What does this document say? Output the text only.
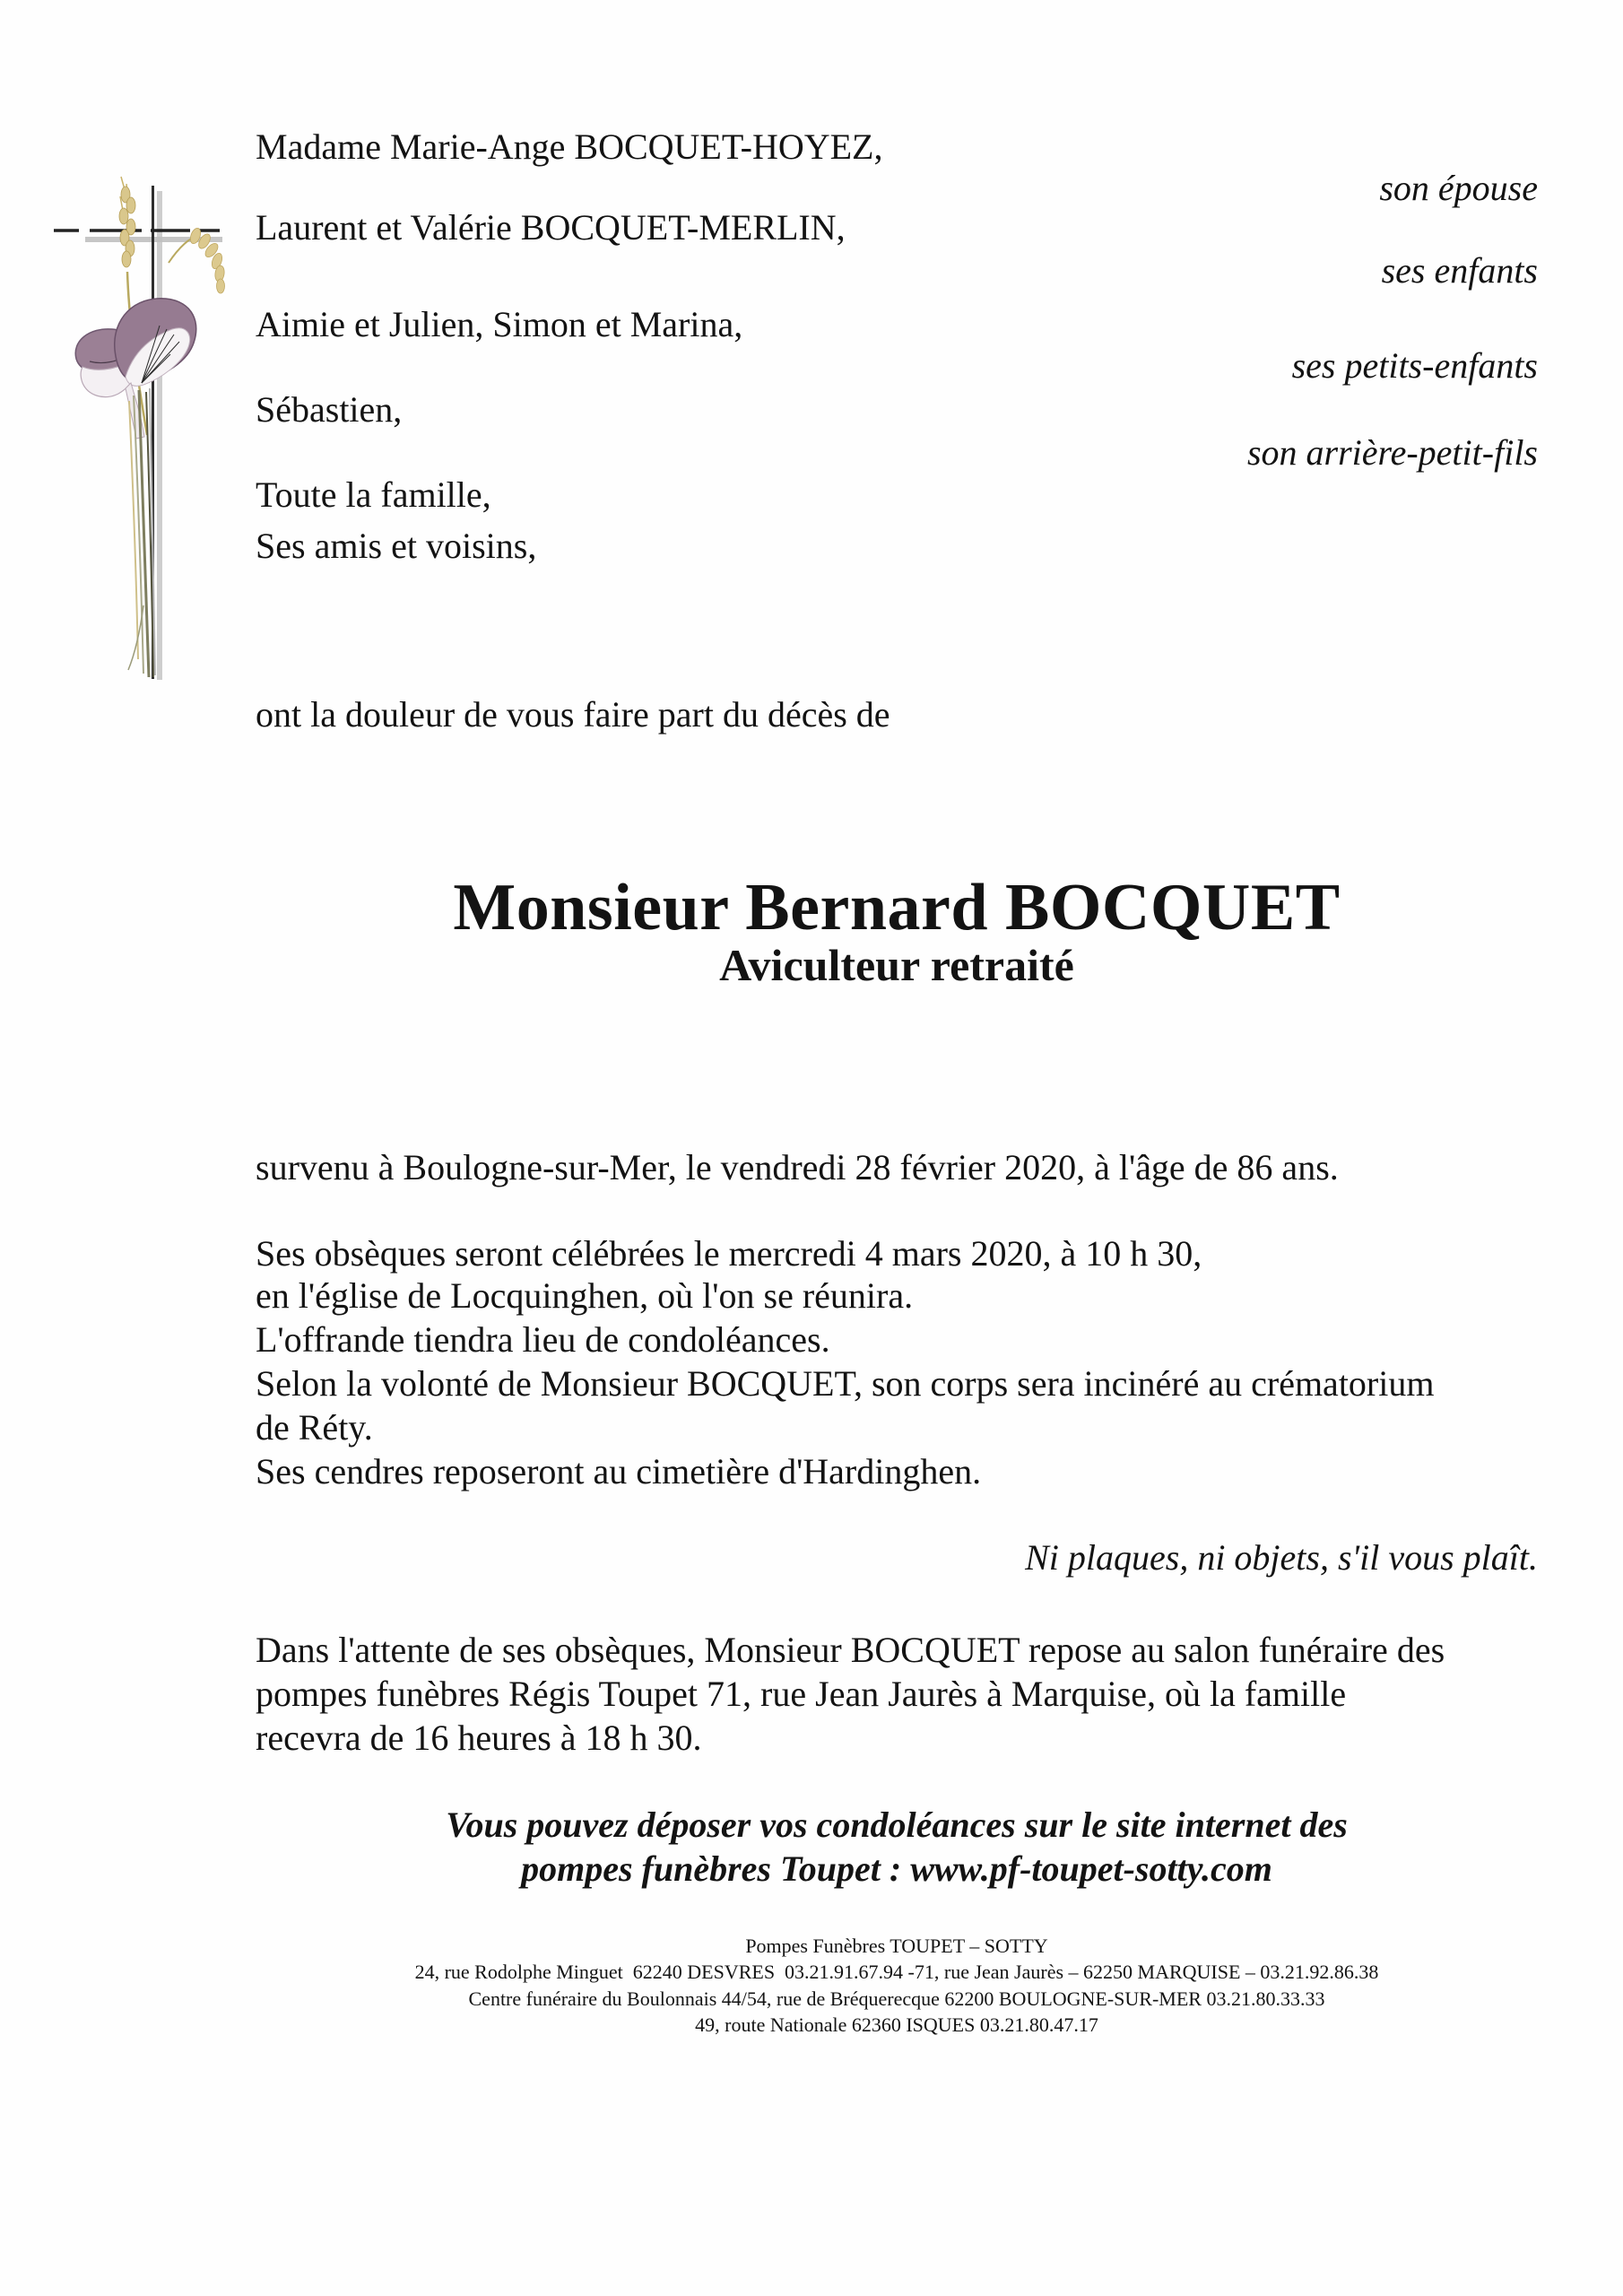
Madame Marie-Ange BOCQUET-HOYEZ,
son épouse
Laurent et Valérie BOCQUET-MERLIN,
ses enfants
Aimie et Julien, Simon et Marina,
ses petits-enfants
Sébastien,
son arrière-petit-fils
Toute la famille,
Ses amis et voisins,
ont la douleur de vous faire part du décès de
Monsieur Bernard BOCQUET
Aviculteur retraité
survenu à Boulogne-sur-Mer, le vendredi 28 février 2020, à l'âge de 86 ans.
Ses obsèques seront célébrées le mercredi 4 mars 2020, à 10 h 30,
en l'église de Locquinghen, où l'on se réunira.
L'offrande tiendra lieu de condoléances.
Selon la volonté de Monsieur BOCQUET, son corps sera incinéré au crématorium
de Réty.
Ses cendres reposeront au cimetière d'Hardinghen.
Ni plaques, ni objets, s'il vous plaît.
Dans l'attente de ses obsèques, Monsieur BOCQUET repose au salon funéraire des
pompes funèbres Régis Toupet 71, rue Jean Jaurès à Marquise, où la famille
recevra de 16 heures à 18 h 30.
Vous pouvez déposer vos condoléances sur le site internet des
pompes funèbres Toupet : www.pf-toupet-sotty.com
Pompes Funèbres TOUPET – SOTTY
24, rue Rodolphe Minguet  62240 DESVRES  03.21.91.67.94 -71, rue Jean Jaurès – 62250 MARQUISE – 03.21.92.86.38
Centre funéraire du Boulonnais 44/54, rue de Bréquerecque 62200 BOULOGNE-SUR-MER 03.21.80.33.33
49, route Nationale 62360 ISQUES 03.21.80.47.17
